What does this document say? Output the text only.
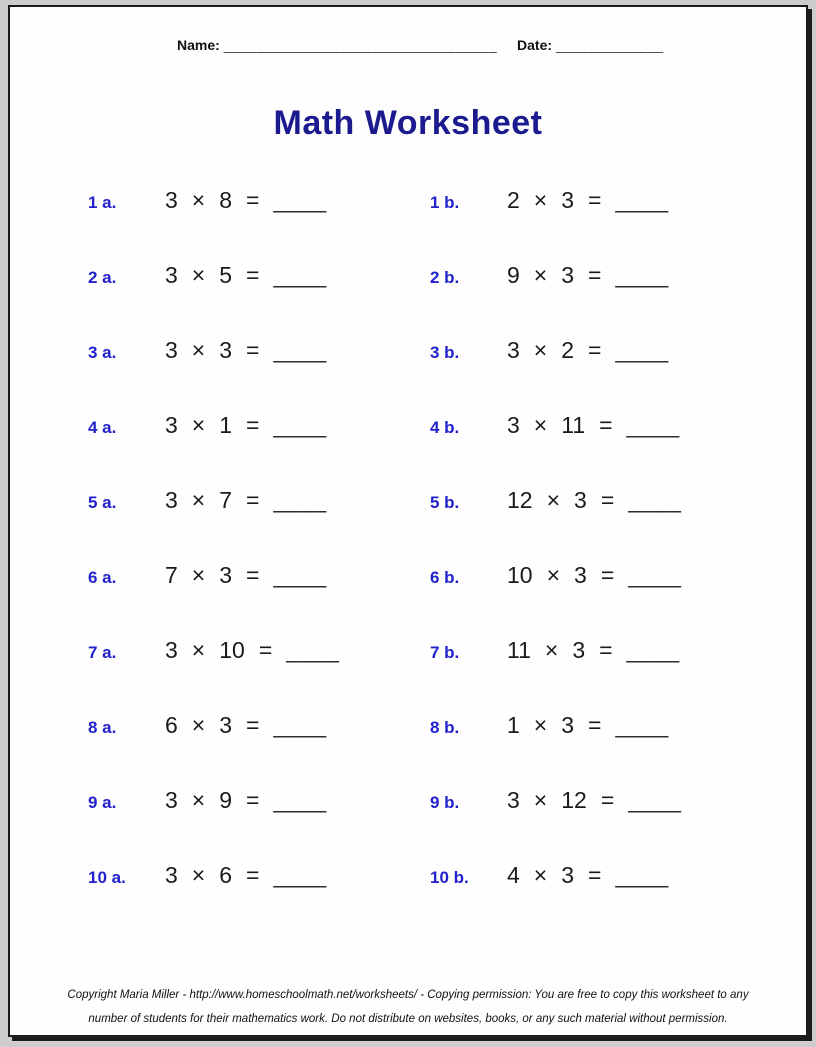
Name: _________________________________ Date: _____________
Math Worksheet
1 a.	3 × 8 = ____	1 b.	2 × 3 = ____
2 a.	3 × 5 = ____	2 b.	9 × 3 = ____
3 a.	3 × 3 = ____	3 b.	3 × 2 = ____
4 a.	3 × 1 = ____	4 b.	3 × 11 = ____
5 a.	3 × 7 = ____	5 b.	12 × 3 = ____
6 a.	7 × 3 = ____	6 b.	10 × 3 = ____
7 a.	3 × 10 = ____	7 b.	11 × 3 = ____
8 a.	6 × 3 = ____	8 b.	1 × 3 = ____
9 a.	3 × 9 = ____	9 b.	3 × 12 = ____
10 a.	3 × 6 = ____	10 b.	4 × 3 = ____
Copyright Maria Miller - http://www.homeschoolmath.net/worksheets/ - Copying permission: You are free to copy this worksheet to any
number of students for their mathematics work. Do not distribute on websites, books, or any such material without permission.
